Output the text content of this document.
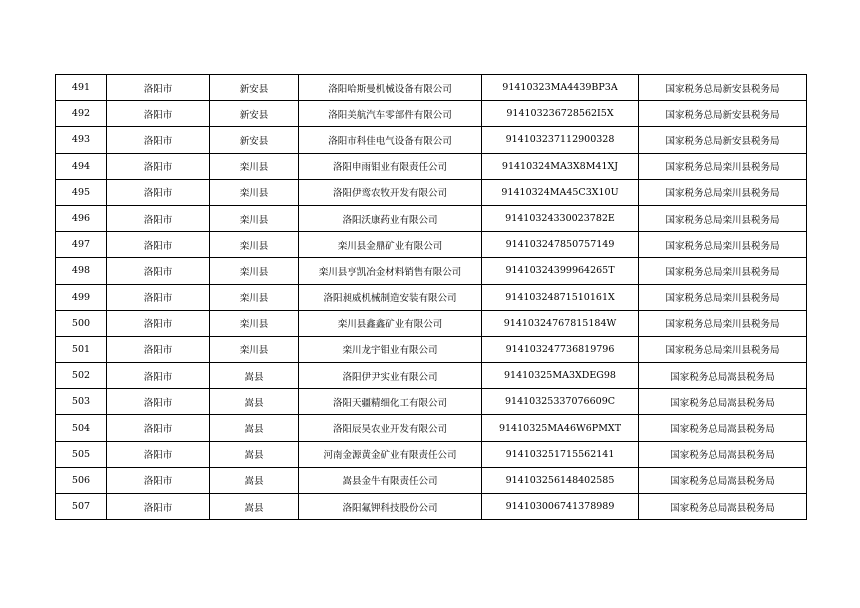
491	洛阳市	新安县	洛阳哈斯曼机械设备有限公司	91410323MA4439BP3A	国家税务总局新安县税务局
492	洛阳市	新安县	洛阳美航汽车零部件有限公司	914103236728562I5X	国家税务总局新安县税务局
493	洛阳市	新安县	洛阳市科佳电气设备有限公司	914103237112900328	国家税务总局新安县税务局
494	洛阳市	栾川县	洛阳申雨钼业有限责任公司	91410324MA3X8M41XJ	国家税务总局栾川县税务局
495	洛阳市	栾川县	洛阳伊鸾农牧开发有限公司	91410324MA45C3X10U	国家税务总局栾川县税务局
496	洛阳市	栾川县	洛阳沃康药业有限公司	91410324330023782E	国家税务总局栾川县税务局
497	洛阳市	栾川县	栾川县金鼎矿业有限公司	914103247850757149	国家税务总局栾川县税务局
498	洛阳市	栾川县	栾川县亨凯冶金材料销售有限公司	91410324399964265T	国家税务总局栾川县税务局
499	洛阳市	栾川县	洛阳昶威机械制造安装有限公司	91410324871510161X	国家税务总局栾川县税务局
500	洛阳市	栾川县	栾川县鑫鑫矿业有限公司	91410324767815184W	国家税务总局栾川县税务局
501	洛阳市	栾川县	栾川龙宇钼业有限公司	914103247736819796	国家税务总局栾川县税务局
502	洛阳市	嵩县	洛阳伊尹实业有限公司	91410325MA3XDEG98	国家税务总局嵩县税务局
503	洛阳市	嵩县	洛阳天疆精细化工有限公司	91410325337076609C	国家税务总局嵩县税务局
504	洛阳市	嵩县	洛阳辰昊农业开发有限公司	91410325MA46W6PMXT	国家税务总局嵩县税务局
505	洛阳市	嵩县	河南金源黄金矿业有限责任公司	914103251715562141	国家税务总局嵩县税务局
506	洛阳市	嵩县	嵩县金牛有限责任公司	914103256148402585	国家税务总局嵩县税务局
507	洛阳市	嵩县	洛阳氟钾科技股份公司	914103006741378989	国家税务总局嵩县税务局
